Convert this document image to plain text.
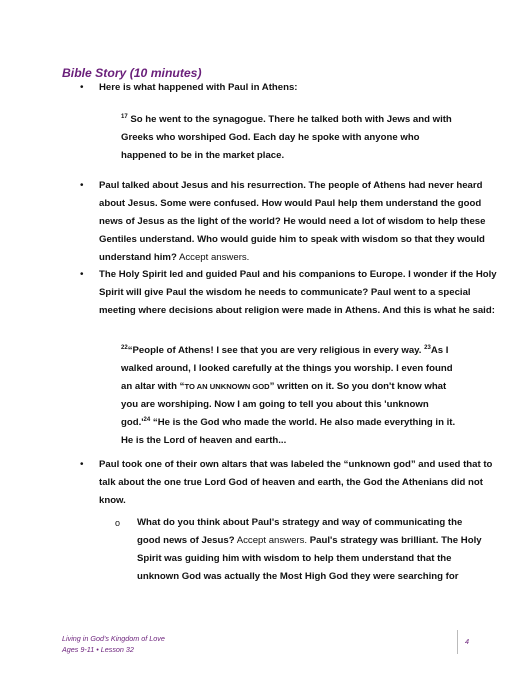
Bible Story (10 minutes)
• Here is what happened with Paul in Athens:
$^{17}$ So he went to the synagogue. There he talked both with Jews and with Greeks who worshiped God. Each day he spoke with anyone who happened to be in the market place.
• Paul talked about Jesus and his resurrection. The people of Athens had never heard about Jesus. Some were confused. How would Paul help them understand the good news of Jesus as the light of the world? He would need a lot of wisdom to help these Gentiles understand. Who would guide him to speak with wisdom so that they would understand him? Accept answers.
• The Holy Spirit led and guided Paul and his companions to Europe. I wonder if the Holy Spirit will give Paul the wisdom he needs to communicate? Paul went to a special meeting where decisions about religion were made in Athens. And this is what he said:
$^{22}$“People of Athens! I see that you are very religious in every way. $^{23}$As I walked around, I looked carefully at the things you worship. I even found an altar with “TO AN UNKNOWN GOD” written on it. So you don't know what you are worshiping. Now I am going to tell you about this 'unknown $god.'^{24}$ “He is the God who made the world. He also made everything in it. He is the Lord of heaven and earth...
• Paul took one of their own altars that was labeled the “unknown god” and used that to talk about the one true Lord God of heaven and earth, the God the Athenians did not know.
o What do you think about Paul's strategy and way of communicating the good news of Jesus? Accept answers. Paul's strategy was brilliant. The Holy Spirit was guiding him with wisdom to help them understand that the unknown God was actually the Most High God they were searching for
Living in God's Kingdom of Love
Ages 9-11 • Lesson 32
4
